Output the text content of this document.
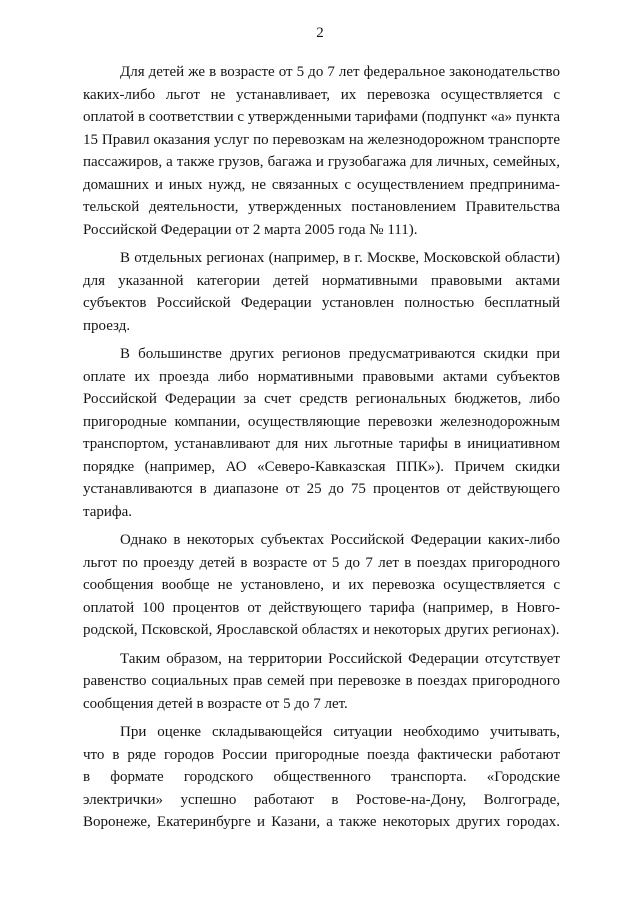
2
Для детей же в возрасте от 5 до 7 лет федеральное законодательство
каких-либо льгот не устанавливает, их перевозка осуществляется с
оплатой в соответствии с утвержденными тарифами (подпункт «а» пункта
15 Правил оказания услуг по перевозкам на железнодорожном транспорте
пассажиров, а также грузов, багажа и грузобагажа для личных, семейных,
домашних и иных нужд, не связанных с осуществлением предпринима-
тельской деятельности, утвержденных постановлением Правительства
Российской Федерации от 2 марта 2005 года № 111).
В отдельных регионах (например, в г. Москве, Московской области)
для указанной категории детей нормативными правовыми актами
субъектов Российской Федерации установлен полностью бесплатный
проезд.
В большинстве других регионов предусматриваются скидки при
оплате их проезда либо нормативными правовыми актами субъектов
Российской Федерации за счет средств региональных бюджетов, либо
пригородные компании, осуществляющие перевозки железнодорожным
транспортом, устанавливают для них льготные тарифы в инициативном
порядке (например, АО «Северо-Кавказская ППК»). Причем скидки
устанавливаются в диапазоне от 25 до 75 процентов от действующего
тарифа.
Однако в некоторых субъектах Российской Федерации каких-либо
льгот по проезду детей в возрасте от 5 до 7 лет в поездах пригородного
сообщения вообще не установлено, и их перевозка осуществляется с
оплатой 100 процентов от действующего тарифа (например, в Новго-
родской, Псковской, Ярославской областях и некоторых других регионах).
Таким образом, на территории Российской Федерации отсутствует
равенство социальных прав семей при перевозке в поездах пригородного
сообщения детей в возрасте от 5 до 7 лет.
При оценке складывающейся ситуации необходимо учитывать,
что в ряде городов России пригородные поезда фактически работают
в формате городского общественного транспорта. «Городские
электрички» успешно работают в Ростове-на-Дону, Волгограде,
Воронеже, Екатеринбурге и Казани, а также некоторых других городах.
